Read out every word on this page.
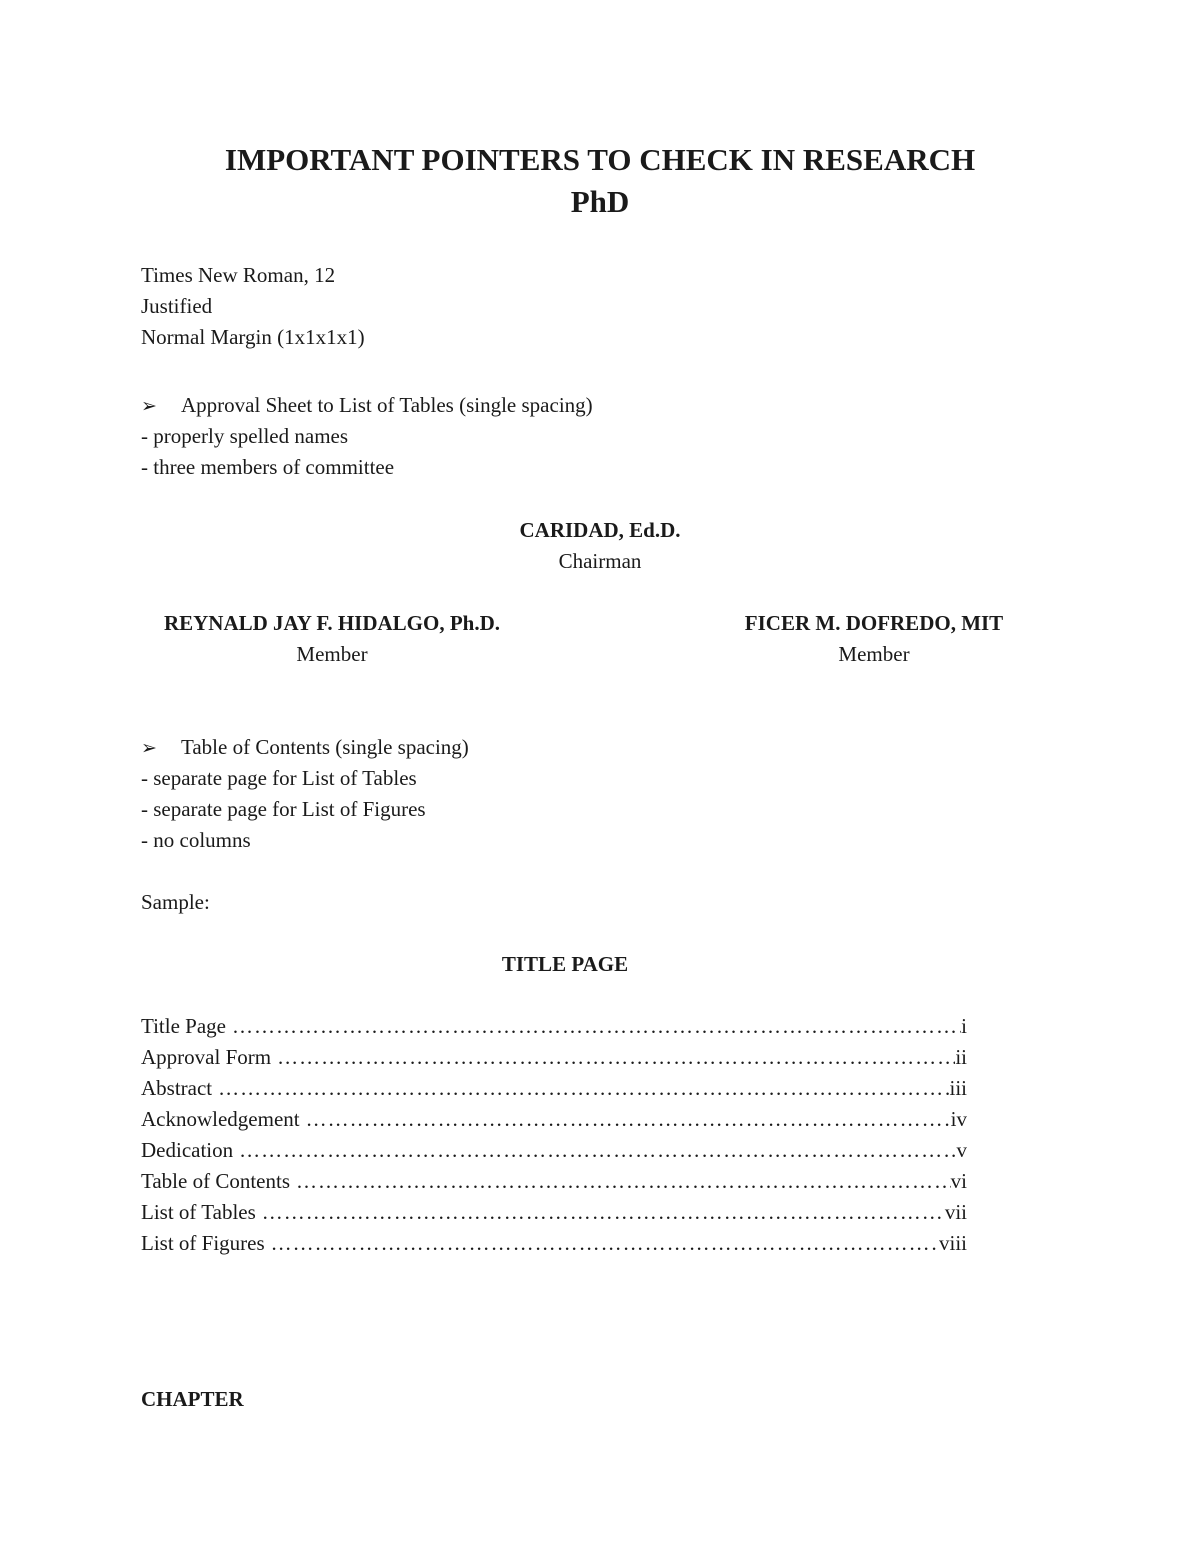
IMPORTANT POINTERS TO CHECK IN RESEARCH
PhD

Times New Roman, 12

Justified

Normal Margin (1x1x1x1)

➢ Approval Sheet to List of Tables (single spacing)

- properly spelled names

- three members of committee

CARIDAD, Ed.D.

Chairman

REYNALD JAY F. HIDALGO, Ph.D.
Member
FICER M. DOFREDO, MIT
Member
➢ Table of Contents (single spacing)

- separate page for List of Tables

- separate page for List of Figures

- no columns

Sample:

TITLE PAGE

Title Page …………………………………………………………………………………………………………………………………………………………	i
Approval Form …………………………………………………………………………………………………………………………………………………………	ii
Abstract …………………………………………………………………………………………………………………………………………………………	iii
Acknowledgement …………………………………………………………………………………………………………………………………………………………	iv
Dedication …………………………………………………………………………………………………………………………………………………………	v
Table of Contents …………………………………………………………………………………………………………………………………………………………	vi
List of Tables …………………………………………………………………………………………………………………………………………………………	vii
List of Figures …………………………………………………………………………………………………………………………………………………………	viii

CHAPTER
